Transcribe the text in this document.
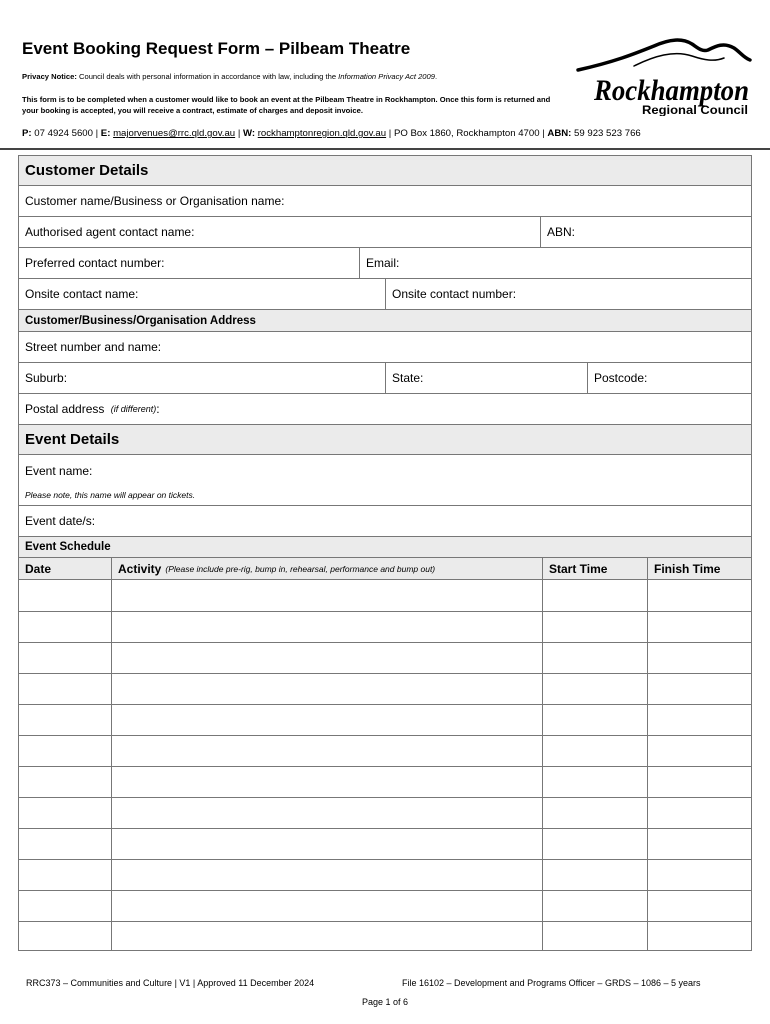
Event Booking Request Form – Pilbeam Theatre
Privacy Notice: Council deals with personal information in accordance with law, including the Information Privacy Act 2009.
This form is to be completed when a customer would like to book an event at the Pilbeam Theatre in Rockhampton. Once this form is returned and your booking is accepted, you will receive a contract, estimate of charges and deposit invoice.
P: 07 4924 5600 | E: majorvenues@rrc.qld.gov.au | W: rockhamptonregion.qld.gov.au | PO Box 1860, Rockhampton 4700 | ABN: 59 923 523 766
Rockhampton
Regional Council
Customer Details
Customer name/Business or Organisation name:
Authorised agent contact name:	ABN:
Preferred contact number:	Email:
Onsite contact name:	Onsite contact number:
Customer/Business/Organisation Address
Street number and name:
Suburb:	State:	Postcode:
Postal address (if different) :
Event Details
Event name:
Please note, this name will appear on tickets.
Event date/s:
Event Schedule
Date	Activity (Please include pre-rig, bump in, rehearsal, performance and bump out)	Start Time	Finish Time
RRC373 – Communities and Culture | V1 | Approved 11 December 2024	File 16102 – Development and Programs Officer – GRDS – 1086 – 5 years
Page 1 of 6
